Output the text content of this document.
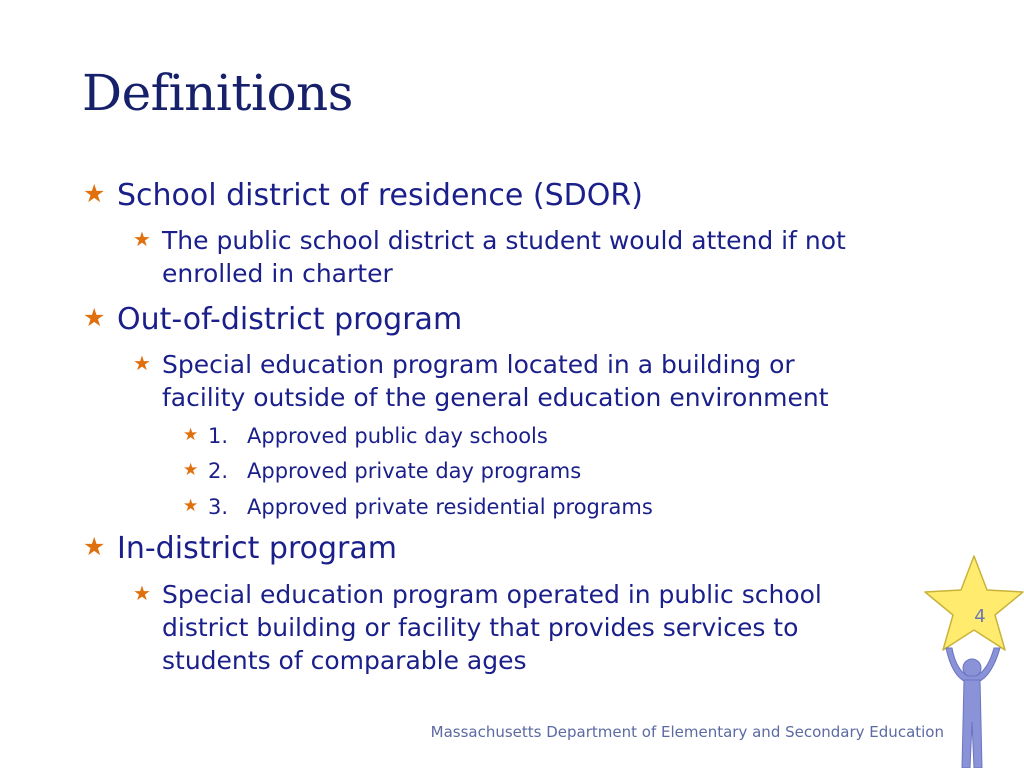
Definitions

★ School district of residence (SDOR)

★ The public school district a student would attend if not
enrolled in charter

★ Out-of-district program

★ Special education program located in a building or
facility outside of the general education environment

★ 1. Approved public day schools

★ 2. Approved private day programs

★ 3. Approved private residential programs

★ In-district program

★ Special education program operated in public school
district building or facility that provides services to
students of comparable ages

Massachusetts Department of Elementary and Secondary Education
4
